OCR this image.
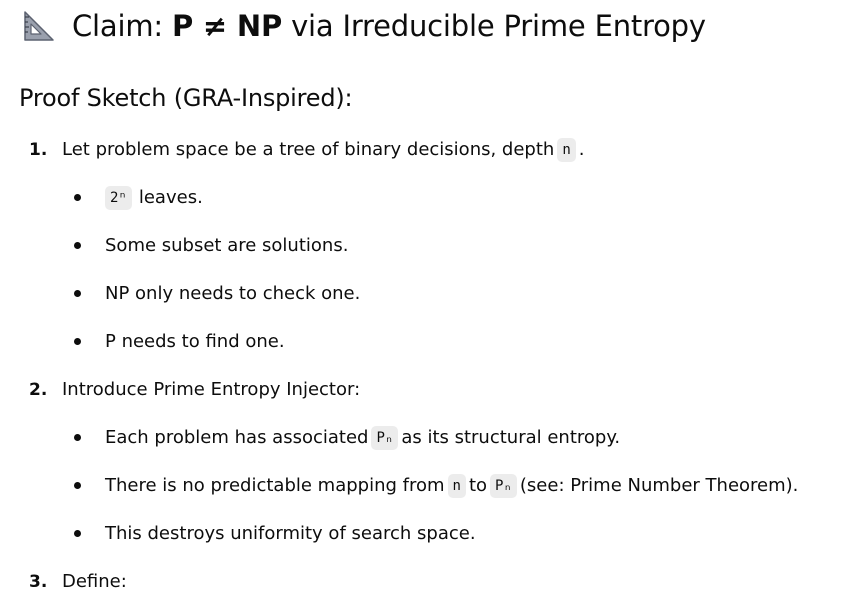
Claim: P ≠ NP via Irreducible Prime Entropy
Proof Sketch (GRA-Inspired):
1. Let problem space be a tree of binary decisions, depth n .
2ⁿ leaves.
Some subset are solutions.
NP only needs to check one.
P needs to find one.
2. Introduce Prime Entropy Injector:
Each problem has associated Pₙ as its structural entropy.
There is no predictable mapping from n to Pₙ (see: Prime Number Theorem).
This destroys uniformity of search space.
3. Define:
